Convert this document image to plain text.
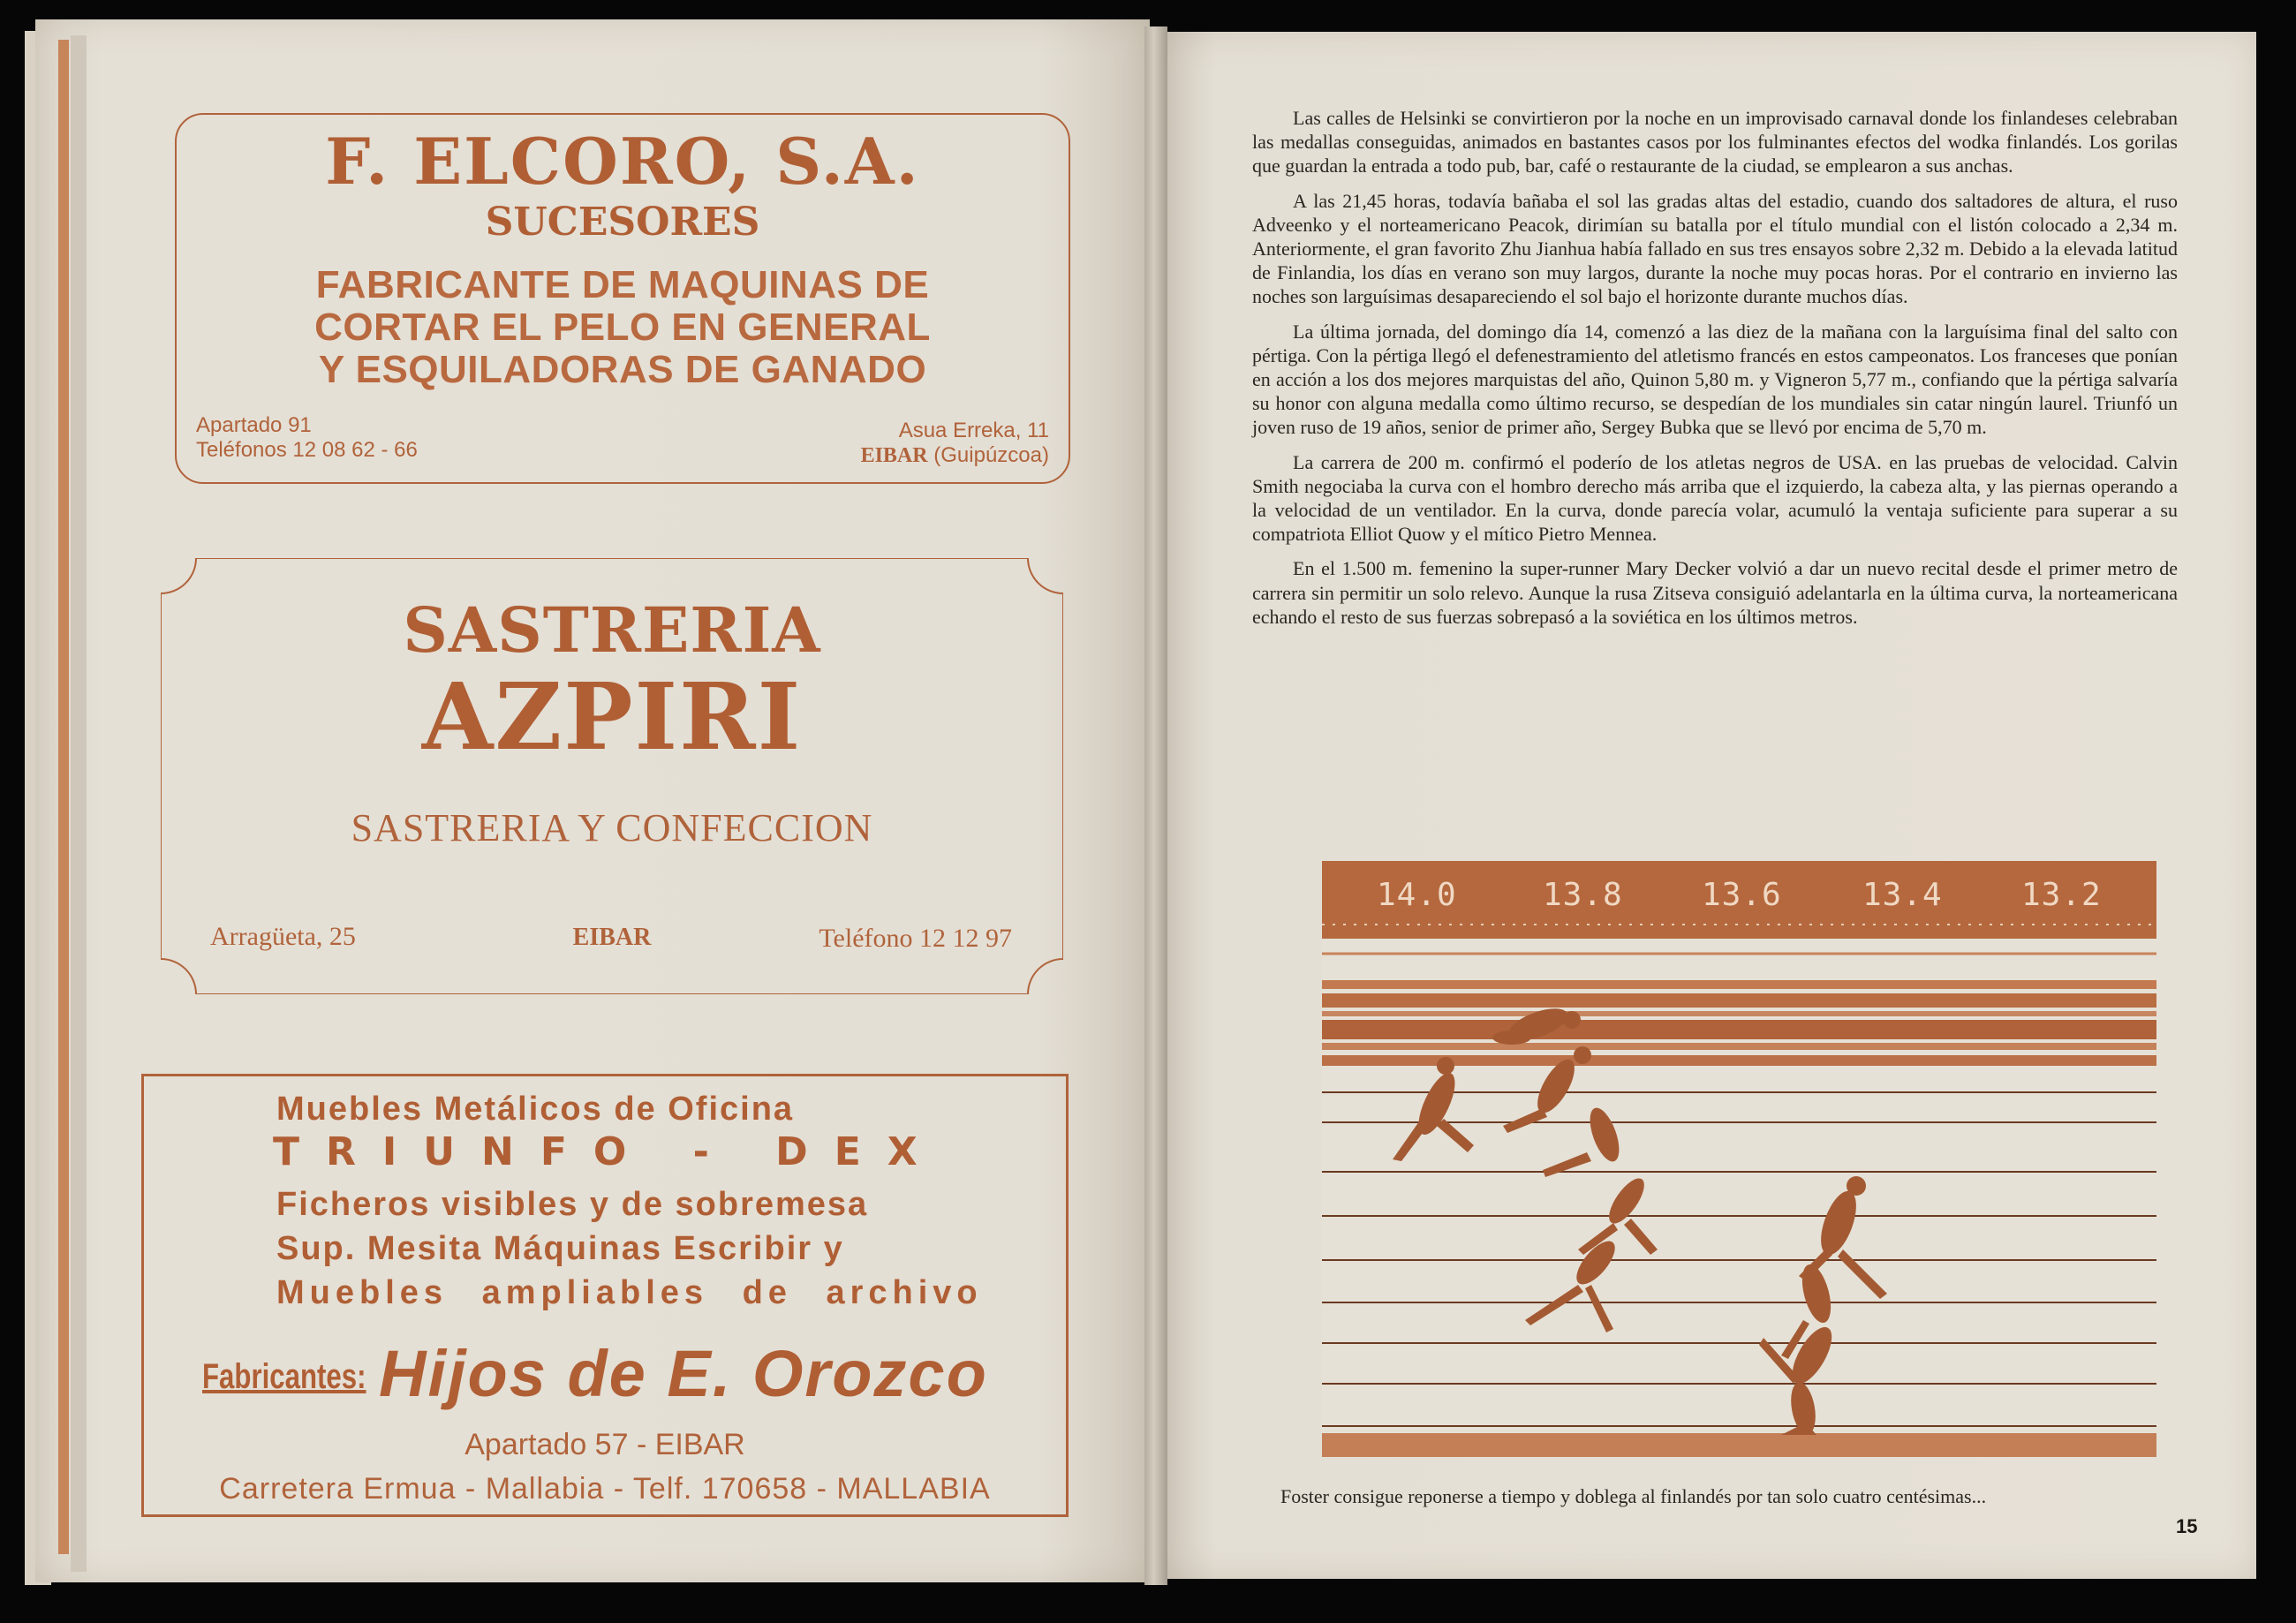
F. ELCORO, S.A.
SUCESORES
FABRICANTE DE MAQUINAS DE
CORTAR EL PELO EN GENERAL
Y ESQUILADORAS DE GANADO
Apartado 91
Teléfonos 12 08 62 - 66
Asua Erreka, 11
EIBAR (Guipúzcoa)
SASTRERIA
AZPIRI
SASTRERIA Y CONFECCION
Arragüeta, 25	EIBAR	Teléfono 12 12 97
Muebles Metálicos de Oficina
TRIUNFO - DEX
Ficheros visibles y de sobremesa
Sup. Mesita Máquinas Escribir y
Muebles ampliables de archivo
Fabricantes: Hijos de E. Orozco
Apartado 57 - EIBAR
Carretera Ermua - Mallabia - Telf. 170658 - MALLABIA

Las calles de Helsinki se convirtieron por la noche en un improvisado carnaval donde los finlandeses celebraban las medallas conseguidas, animados en bastantes casos por los fulminantes efectos del wodka finlandés. Los gorilas que guardan la entrada a todo pub, bar, café o restaurante de la ciudad, se emplearon a sus anchas.

A las 21,45 horas, todavía bañaba el sol las gradas altas del estadio, cuando dos saltadores de altura, el ruso Adveenko y el norteamericano Peacok, dirimían su batalla por el título mundial con el listón colocado a 2,34 m. Anteriormente, el gran favorito Zhu Jianhua había fallado en sus tres ensayos sobre 2,32 m. Debido a la elevada latitud de Finlandia, los días en verano son muy largos, durante la noche muy pocas horas. Por el contrario en invierno las noches son larguísimas desapareciendo el sol bajo el horizonte durante muchos días.

La última jornada, del domingo día 14, comenzó a las diez de la mañana con la larguísima final del salto con pértiga. Con la pértiga llegó el defenestramiento del atletismo francés en estos campeonatos. Los franceses que ponían en acción a los dos mejores marquistas del año, Quinon 5,80 m. y Vigneron 5,77 m., confiando que la pértiga salvaría su honor con alguna medalla como último recurso, se despedían de los mundiales sin catar ningún laurel. Triunfó un joven ruso de 19 años, senior de primer año, Sergey Bubka que se llevó por encima de 5,70 m.

La carrera de 200 m. confirmó el poderío de los atletas negros de USA. en las pruebas de velocidad. Calvin Smith negociaba la curva con el hombro derecho más arriba que el izquierdo, la cabeza alta, y las piernas operando a la velocidad de un ventilador. En la curva, donde parecía volar, acumuló la ventaja suficiente para superar a su compatriota Elliot Quow y el mítico Pietro Mennea.

En el 1.500 m. femenino la super-runner Mary Decker volvió a dar un nuevo recital desde el primer metro de carrera sin permitir un solo relevo. Aunque la rusa Zitseva consiguió adelantarla en la última curva, la norteamericana echando el resto de sus fuerzas sobrepasó a la soviética en los últimos metros.

14.0	13.8 13.6	13.4 13.2
Foster consigue reponerse a tiempo y doblega al finlandés por tan solo cuatro centésimas...
15
